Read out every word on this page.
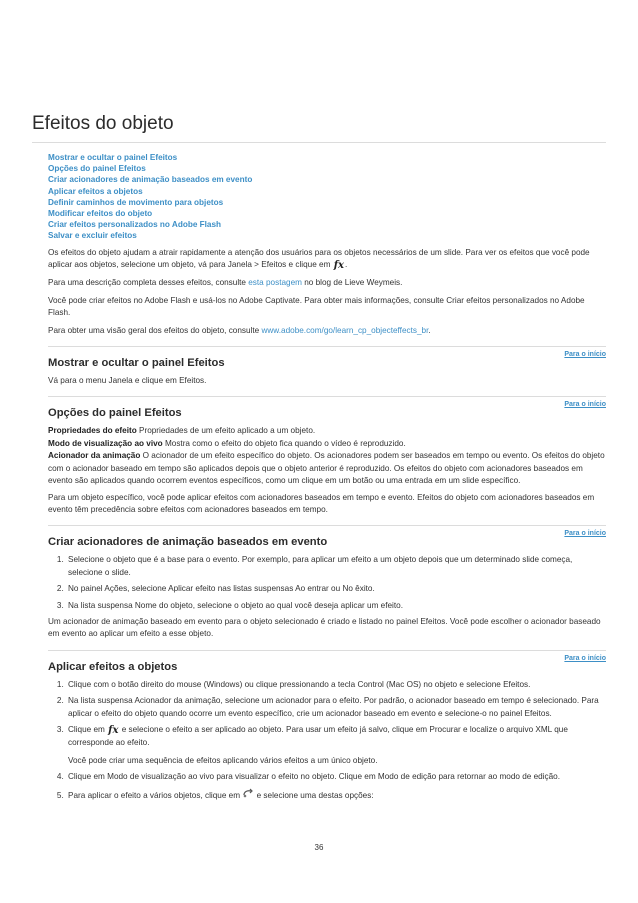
Efeitos do objeto
Mostrar e ocultar o painel Efeitos
Opções do painel Efeitos
Criar acionadores de animação baseados em evento
Aplicar efeitos a objetos
Definir caminhos de movimento para objetos
Modificar efeitos do objeto
Criar efeitos personalizados no Adobe Flash
Salvar e excluir efeitos

Os efeitos do objeto ajudam a atrair rapidamente a atenção dos usuários para os objetos necessários de um slide. Para ver os efeitos que você pode aplicar aos objetos, selecione um objeto, vá para Janela > Efeitos e clique em fx.

Para uma descrição completa desses efeitos, consulte esta postagem no blog de Lieve Weymeis.

Você pode criar efeitos no Adobe Flash e usá-los no Adobe Captivate. Para obter mais informações, consulte Criar efeitos personalizados no Adobe Flash.

Para obter uma visão geral dos efeitos do objeto, consulte www.adobe.com/go/learn_cp_objecteffects_br.

Mostrar e ocultar o painel Efeitos
Para o início

Vá para o menu Janela e clique em Efeitos.

Opções do painel Efeitos
Para o início
Propriedades do efeito Propriedades de um efeito aplicado a um objeto.
Modo de visualização ao vivo Mostra como o efeito do objeto fica quando o vídeo é reproduzido.
Acionador da animação O acionador de um efeito específico do objeto. Os acionadores podem ser baseados em tempo ou evento. Os efeitos do objeto com o acionador baseado em tempo são aplicados depois que o objeto anterior é reproduzido. Os efeitos do objeto com acionadores baseados em evento são aplicados quando ocorrem eventos específicos, como um clique em um botão ou uma entrada em um slide específico.

Para um objeto específico, você pode aplicar efeitos com acionadores baseados em tempo e evento. Efeitos do objeto com acionadores baseados em evento têm precedência sobre efeitos com acionadores baseados em tempo.

Criar acionadores de animação baseados em evento
Para o início
1. Selecione o objeto que é a base para o evento. Por exemplo, para aplicar um efeito a um objeto depois que um determinado slide começa, selecione o slide.
2. No painel Ações, selecione Aplicar efeito nas listas suspensas Ao entrar ou No êxito.
3. Na lista suspensa Nome do objeto, selecione o objeto ao qual você deseja aplicar um efeito.

Um acionador de animação baseado em evento para o objeto selecionado é criado e listado no painel Efeitos. Você pode escolher o acionador baseado em evento ao aplicar um efeito a esse objeto.

Aplicar efeitos a objetos
Para o início
1. Clique com o botão direito do mouse (Windows) ou clique pressionando a tecla Control (Mac OS) no objeto e selecione Efeitos.
2. Na lista suspensa Acionador da animação, selecione um acionador para o efeito. Por padrão, o acionador baseado em tempo é selecionado. Para aplicar o efeito do objeto quando ocorre um evento específico, crie um acionador baseado em evento e selecione-o no painel Efeitos.
3. Clique em fx e selecione o efeito a ser aplicado ao objeto. Para usar um efeito já salvo, clique em Procurar e localize o arquivo XML que corresponde ao efeito.
Você pode criar uma sequência de efeitos aplicando vários efeitos a um único objeto.
4. Clique em Modo de visualização ao vivo para visualizar o efeito no objeto. Clique em Modo de edição para retornar ao modo de edição.
5. Para aplicar o efeito a vários objetos, clique em e selecione uma destas opções:
36
